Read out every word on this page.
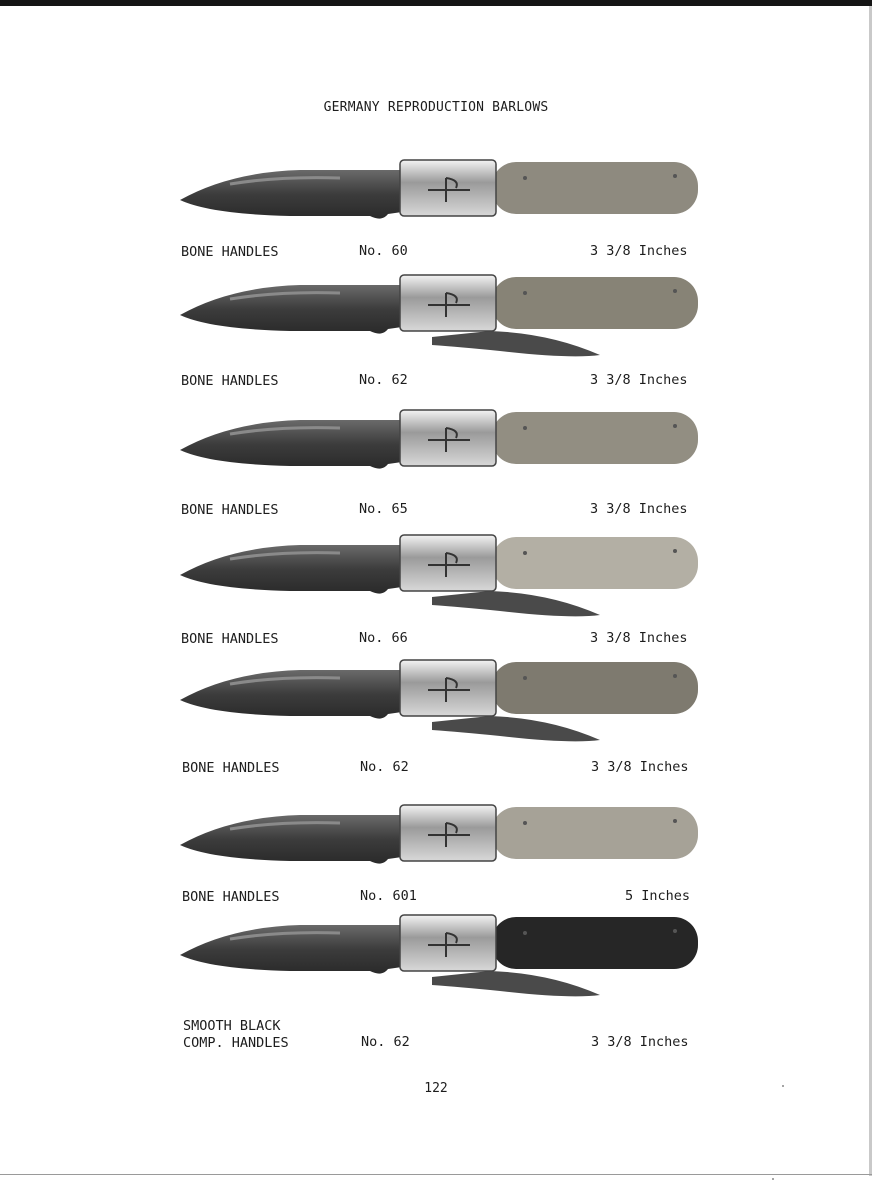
GERMANY REPRODUCTION BARLOWS
BONE HANDLES	No. 60	3 3/8 Inches
BONE HANDLES	No. 62	3 3/8 Inches
BONE HANDLES	No. 65	3 3/8 Inches
BONE HANDLES	No. 66	3 3/8 Inches
BONE HANDLES	No. 62	3 3/8 Inches
BONE HANDLES	No. 601	5 Inches
SMOOTH BLACK
COMP. HANDLES	No. 62	3 3/8 Inches
122
